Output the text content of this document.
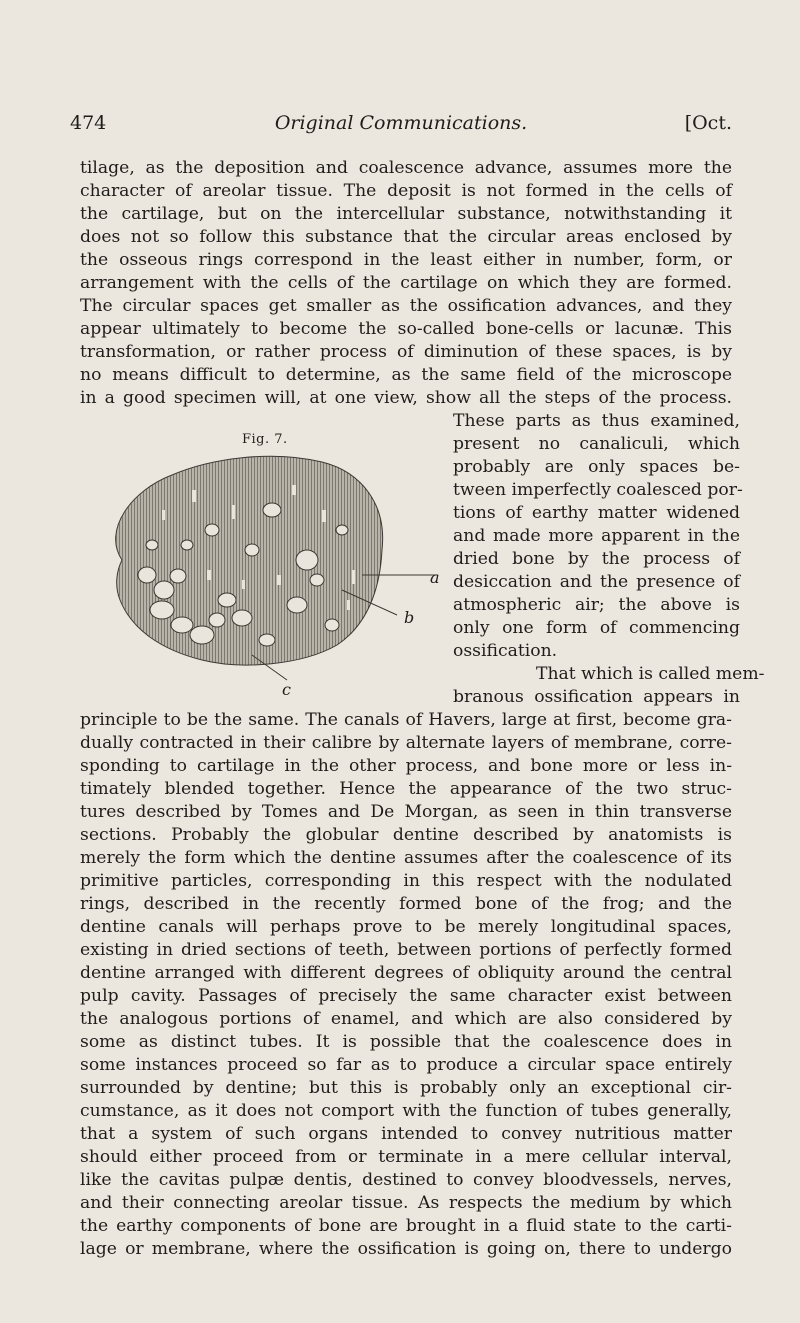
474	Original Communications.	[Oct.
tilage, as the deposition and coalescence advance, assumes more the
character of areolar tissue. The deposit is not formed in the cells of
the cartilage, but on the intercellular substance, notwithstanding it
does not so follow this substance that the circular areas enclosed by
the osseous rings correspond in the least either in number, form, or
arrangement with the cells of the cartilage on which they are formed.
The circular spaces get smaller as the ossification advances, and they
appear ultimately to become the so-called bone-cells or lacunæ. This
transformation, or rather process of diminution of these spaces, is by
no means difficult to determine, as the same field of the microscope
in a good specimen will, at one view, show all the steps of the process.
These parts as thus examined,
present no canaliculi, which
probably are only spaces be-
tween imperfectly coalesced por-
tions of earthy matter widened
and made more apparent in the
dried bone by the process of
desiccation and the presence of
atmospheric air; the above is
only one form of commencing
ossification.
That which is called mem-
branous ossification appears in
principle to be the same. The canals of Havers, large at first, become gra-
dually contracted in their calibre by alternate layers of membrane, corre-
sponding to cartilage in the other process, and bone more or less in-
timately blended together. Hence the appearance of the two struc-
tures described by Tomes and De Morgan, as seen in thin transverse
sections. Probably the globular dentine described by anatomists is
merely the form which the dentine assumes after the coalescence of its
primitive particles, corresponding in this respect with the nodulated
rings, described in the recently formed bone of the frog; and the
dentine canals will perhaps prove to be merely longitudinal spaces,
existing in dried sections of teeth, between portions of perfectly formed
dentine arranged with different degrees of obliquity around the central
pulp cavity. Passages of precisely the same character exist between
the analogous portions of enamel, and which are also considered by
some as distinct tubes. It is possible that the coalescence does in
some instances proceed so far as to produce a circular space entirely
surrounded by dentine; but this is probably only an exceptional cir-
cumstance, as it does not comport with the function of tubes generally,
that a system of such organs intended to convey nutritious matter
should either proceed from or terminate in a mere cellular interval,
like the cavitas pulpæ dentis, destined to convey bloodvessels, nerves,
and their connecting areolar tissue. As respects the medium by which
the earthy components of bone are brought in a fluid state to the carti-
lage or membrane, where the ossification is going on, there to undergo
Fig. 7.
a
b
c
